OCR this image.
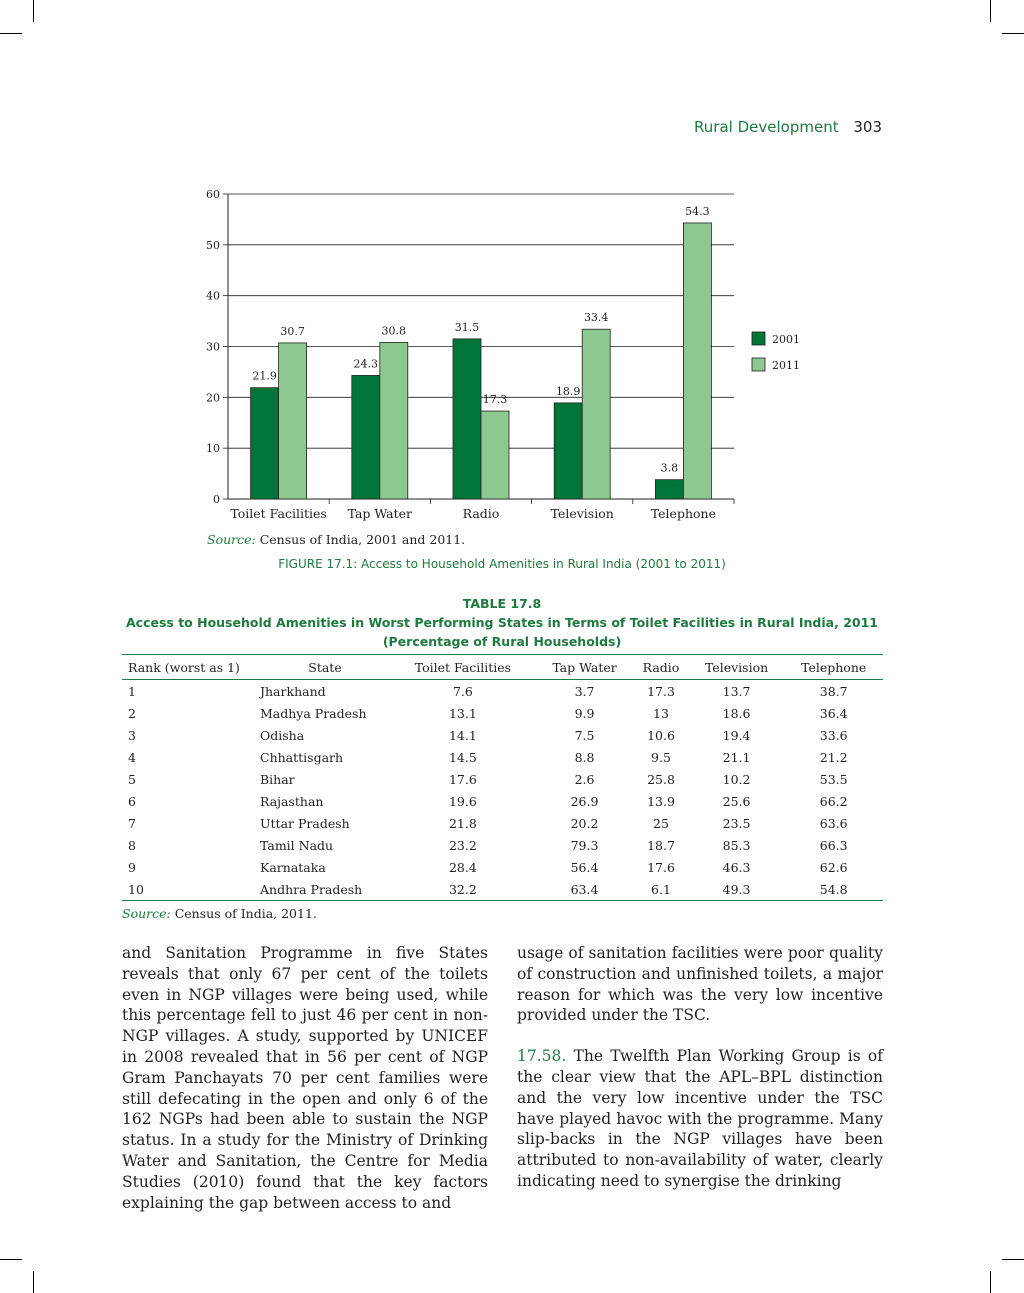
Rural Development 303
0
10
20
30
40
50
60
21.9
30.7
Toilet Facilities
24.3
30.8
Tap Water
31.5
17.3
Radio
18.9
33.4
Television
3.8
54.3
Telephone
2001
2011
Source: Census of India, 2001 and 2011.
FIGURE 17.1: Access to Household Amenities in Rural India (2001 to 2011)
TABLE 17.8
Access to Household Amenities in Worst Performing States in Terms of Toilet Facilities in Rural India, 2011
(Percentage of Rural Households)
Rank (worst as 1)	State	Toilet Facilities	Tap Water	Radio	Television	Telephone
1	Jharkhand	7.6	3.7	17.3	13.7	38.7
2	Madhya Pradesh	13.1	9.9	13	18.6	36.4
3	Odisha	14.1	7.5	10.6	19.4	33.6
4	Chhattisgarh	14.5	8.8	9.5	21.1	21.2
5	Bihar	17.6	2.6	25.8	10.2	53.5
6	Rajasthan	19.6	26.9	13.9	25.6	66.2
7	Uttar Pradesh	21.8	20.2	25	23.5	63.6
8	Tamil Nadu	23.2	79.3	18.7	85.3	66.3
9	Karnataka	28.4	56.4	17.6	46.3	62.6
10	Andhra Pradesh	32.2	63.4	6.1	49.3	54.8
Source: Census of India, 2011.

and Sanitation Programme in five States reveals that only 67 per cent of the toilets even in NGP villages were being used, while this percentage fell to just 46 per cent in non-NGP villages. A study, supported by UNICEF in 2008 revealed that in 56 per cent of NGP Gram Panchayats 70 per cent families were still defecating in the open and only 6 of the 162 NGPs had been able to sustain the NGP status. In a study for the Ministry of Drinking Water and Sanitation, the Centre for Media Studies (2010) found that the key factors explaining the gap between access to and

usage of sanitation facilities were poor quality of construction and unfinished toilets, a major reason for which was the very low incentive provided under the TSC.
17.58. The Twelfth Plan Working Group is of the clear view that the APL–BPL distinction and the very low incentive under the TSC have played havoc with the programme. Many slip-backs in the NGP villages have been attributed to non-availability of water, clearly indicating need to synergise the drinking
